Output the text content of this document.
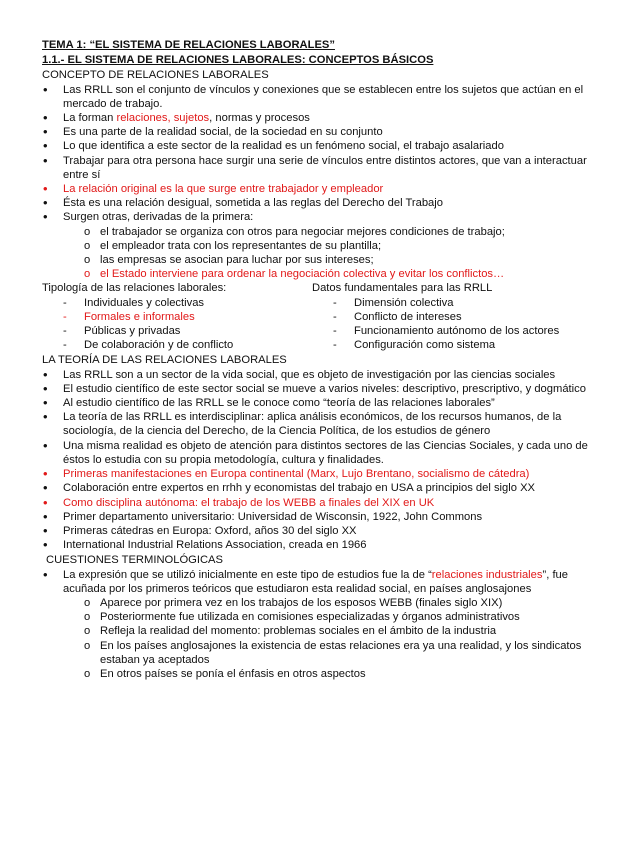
TEMA 1: “EL SISTEMA DE RELACIONES LABORALES”
1.1.- EL SISTEMA DE RELACIONES LABORALES: CONCEPTOS BÁSICOS
CONCEPTO DE RELACIONES LABORALES
• Las RRLL son el conjunto de vínculos y conexiones que se establecen entre los sujetos que actúan en el mercado de trabajo.
• La forman relaciones, sujetos, normas y procesos
• Es una parte de la realidad social, de la sociedad en su conjunto
• Lo que identifica a este sector de la realidad es un fenómeno social, el trabajo asalariado
• Trabajar para otra persona hace surgir una serie de vínculos entre distintos actores, que van a interactuar entre sí
• La relación original es la que surge entre trabajador y empleador
• Ésta es una relación desigual, sometida a las reglas del Derecho del Trabajo
• Surgen otras, derivadas de la primera:
o el trabajador se organiza con otros para negociar mejores condiciones de trabajo;
o el empleador trata con los representantes de su plantilla;
o las empresas se asocian para luchar por sus intereses;
o el Estado interviene para ordenar la negociación colectiva y evitar los conflictos…
Tipología de las relaciones laborales:
- Individuales y colectivas
- Formales e informales
- Públicas y privadas
- De colaboración y de conflicto
Datos fundamentales para las RRLL
- Dimensión colectiva
- Conflicto de intereses
- Funcionamiento autónomo de los actores
- Configuración como sistema
LA TEORÍA DE LAS RELACIONES LABORALES
• Las RRLL son a un sector de la vida social, que es objeto de investigación por las ciencias sociales
• El estudio científico de este sector social se mueve a varios niveles: descriptivo, prescriptivo, y dogmático
• Al estudio científico de las RRLL se le conoce como “teoría de las relaciones laborales”
• La teoría de las RRLL es interdisciplinar: aplica análisis económicos, de los recursos humanos, de la sociología, de la ciencia del Derecho, de la Ciencia Política, de los estudios de género
• Una misma realidad es objeto de atención para distintos sectores de las Ciencias Sociales, y cada uno de éstos lo estudia con su propia metodología, cultura y finalidades.
• Primeras manifestaciones en Europa continental (Marx, Lujo Brentano, socialismo de cátedra)
• Colaboración entre expertos en rrhh y economistas del trabajo en USA a principios del siglo XX
• Como disciplina autónoma: el trabajo de los WEBB a finales del XIX en UK
• Primer departamento universitario: Universidad de Wisconsin, 1922, John Commons
• Primeras cátedras en Europa: Oxford, años 30 del siglo XX
• International Industrial Relations Association, creada en 1966
CUESTIONES TERMINOLÓGICAS
• La expresión que se utilizó inicialmente en este tipo de estudios fue la de “relaciones industriales”, fue acuñada por los primeros teóricos que estudiaron esta realidad social, en países anglosajones
o Aparece por primera vez en los trabajos de los esposos WEBB (finales siglo XIX)
o Posteriormente fue utilizada en comisiones especializadas y órganos administrativos
o Refleja la realidad del momento: problemas sociales en el ámbito de la industria
o En los países anglosajones la existencia de estas relaciones era ya una realidad, y los sindicatos estaban ya aceptados
o En otros países se ponía el énfasis en otros aspectos
